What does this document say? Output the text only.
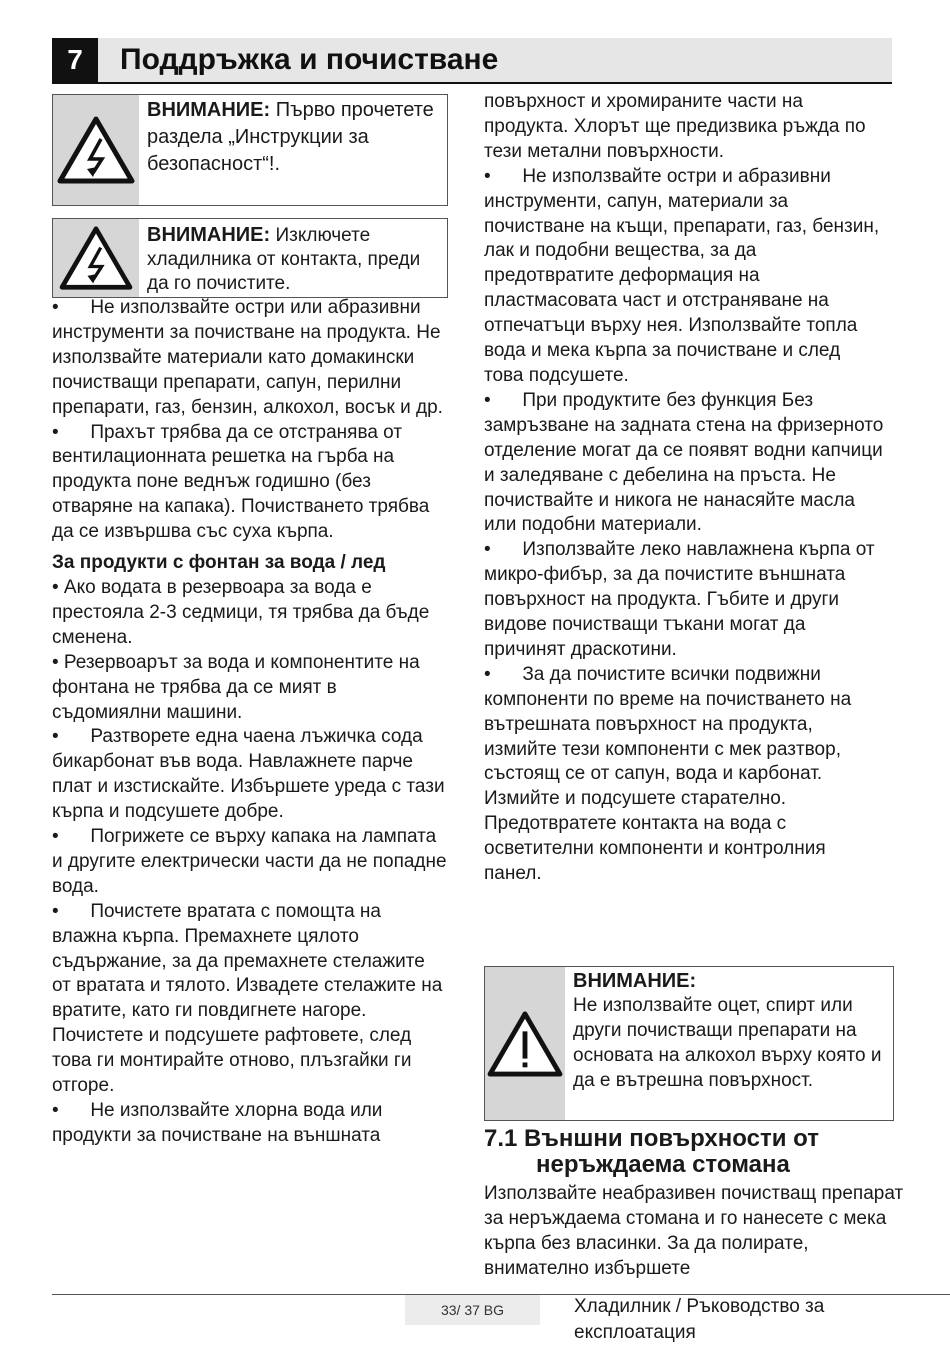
7	Поддръжка и почистване
ВНИМАНИЕ: Първо прочетете раздела „Инструкции за безопасност“!.
ВНИМАНИЕ: Изключете хладилника от контакта, преди да го почистите.

•      Не използвайте остри или абразивни инструменти за почистване на продукта. Не използвайте материали като домакински почистващи препарати, сапун, перилни препарати, газ, бензин, алкохол, восък и др.

•      Прахът трябва да се отстранява от вентилационната решетка на гърба на продукта поне веднъж годишно (без отваряне на капака). Почистването трябва да се извършва със суха кърпа.

За продукти с фонтан за вода / лед

• Ако водата в резервоара за вода е престояла 2-3 седмици, тя трябва да бъде сменена.

• Резервоарът за вода и компонентите на фонтана не трябва да се мият в съдомиялни машини.

•      Разтворете една чаена лъжичка сода бикарбонат във вода. Навлажнете парче плат и изстискайте. Избършете уреда с тази кърпа и подсушете добре.

•      Погрижете се върху капака на лампата и другите електрически части да не попадне вода.

•      Почистете вратата с помощта на влажна кърпа. Премахнете цялото съдържание, за да премахнете стелажите от вратата и тялото. Извадете стелажите на вратите, като ги повдигнете нагоре. Почистете и подсушете рафтовете, след това ги монтирайте отново, плъзгайки ги отгоре.

•      Не използвайте хлорна вода или продукти за почистване на външната

повърхност и хромираните части на продукта. Хлорът ще предизвика ръжда по тези метални повърхности.

•      Не използвайте остри и абразивни инструменти, сапун, материали за почистване на къщи, препарати, газ, бензин, лак и подобни вещества, за да предотвратите деформация на пластмасовата част и отстраняване на отпечатъци върху нея. Използвайте топла вода и мека кърпа за почистване и след това подсушете.

•      При продуктите без функция Без замръзване на задната стена на фризерното отделение могат да се появят водни капчици и заледяване с дебелина на пръста. Не почиствайте и никога не нанасяйте масла или подобни материали.

•      Използвайте леко навлажнена кърпа от микро-фибър, за да почистите външната повърхност на продукта. Гъбите и други видове почистващи тъкани могат да причинят драскотини.

•      За да почистите всички подвижни компоненти по време на почистването на вътрешната повърхност на продукта, измийте тези компоненти с мек разтвор, състоящ се от сапун, вода и карбонат. Измийте и подсушете старателно. Предотвратете контакта на вода с осветителни компоненти и контролния панел.

ВНИМАНИЕ:
Не използвайте оцет, спирт или други почистващи препарати на основата на алкохол върху която и да е вътрешна повърхност.
7.1 Външни повърхности от
неръждаема стомана
Използвайте неабразивен почистващ препарат за неръждаема стомана и го нанесете с мека кърпа без власинки. За да полирате, внимателно избършете
33/ 37 BG	Хладилник / Ръководство за експлоатация
